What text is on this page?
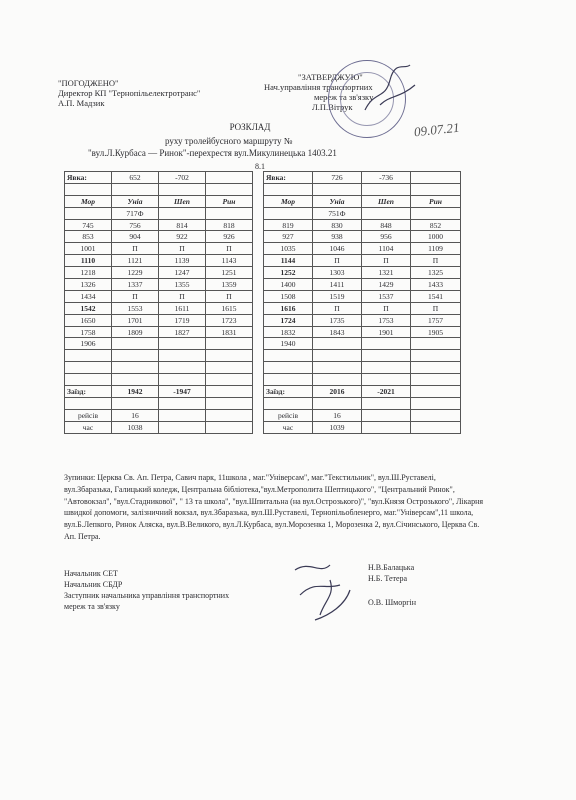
"ПОГОДЖЕНО"
Директор КП "Тернопільелектротранс"
А.П. Мадзик
"ЗАТВЕРДЖУЮ"
Нач.управління транспортних
мереж та зв'язку
Л.П.Вітрук
09.07.21
РОЗКЛАД
руху тролейбусного маршруту №
"вул.Л.Курбаса — Ринок"-перехрестя вул.Микулинецька 1403.21
8.1
Явка:	652	-702	

Мор	Уніа	Шеп	Рин
	717Ф		
745	756	814	818
853	904	922	926
1001	П	П	П
1110	1121	1139	1143
1218	1229	1247	1251
1326	1337	1355	1359
1434	П	П	П
1542	1553	1611	1615
1650	1701	1719	1723
1758	1809	1827	1831
1906			

Заїзд:	1942	-1947	

рейсів	16		
час	1038		
Явка:	726	-736	

Мор	Уніа	Шеп	Рин
	751Ф		
819	830	848	852
927	938	956	1000
1035	1046	1104	1109
1144	П	П	П
1252	1303	1321	1325
1400	1411	1429	1433
1508	1519	1537	1541
1616	П	П	П
1724	1735	1753	1757
1832	1843	1901	1905
1940			

Заїзд:	2016	-2021	

рейсів	16		
час	1039		
Зупинки: Церква Св. Ап. Петра, Савич парк, 11школа , маг."Універсам", маг."Текстильник", вул.Ш.Руставелі, вул.Збаразька, Галицький коледж, Центральна бібліотека,"вул.Метрополита Шептицького", "Центральний Ринок", "Автовокзал", "вул.Стадникової", " 13 та школа", "вул.Шпитальна (на вул.Острозького)", "вул.Князя Острозького", Лікарня швидкої допомоги, залізничний вокзал, вул.Збаразька, вул.Ш.Руставелі, Тернопільобленерго, маг."Універсам",11 школа, вул.Б.Лепкого, Ринок Аляска, вул.В.Великого, вул.Л.Курбаса, вул.Морозенка 1, Морозенка 2, вул.Січинського, Церква Св. Ап. Петра.
Начальник СЕТ
Начальник СБДР
Заступник начальника управління транспортних
мереж та зв'язку
Н.В.Балацька
Н.Б. Тетера
О.В. Шморгін
